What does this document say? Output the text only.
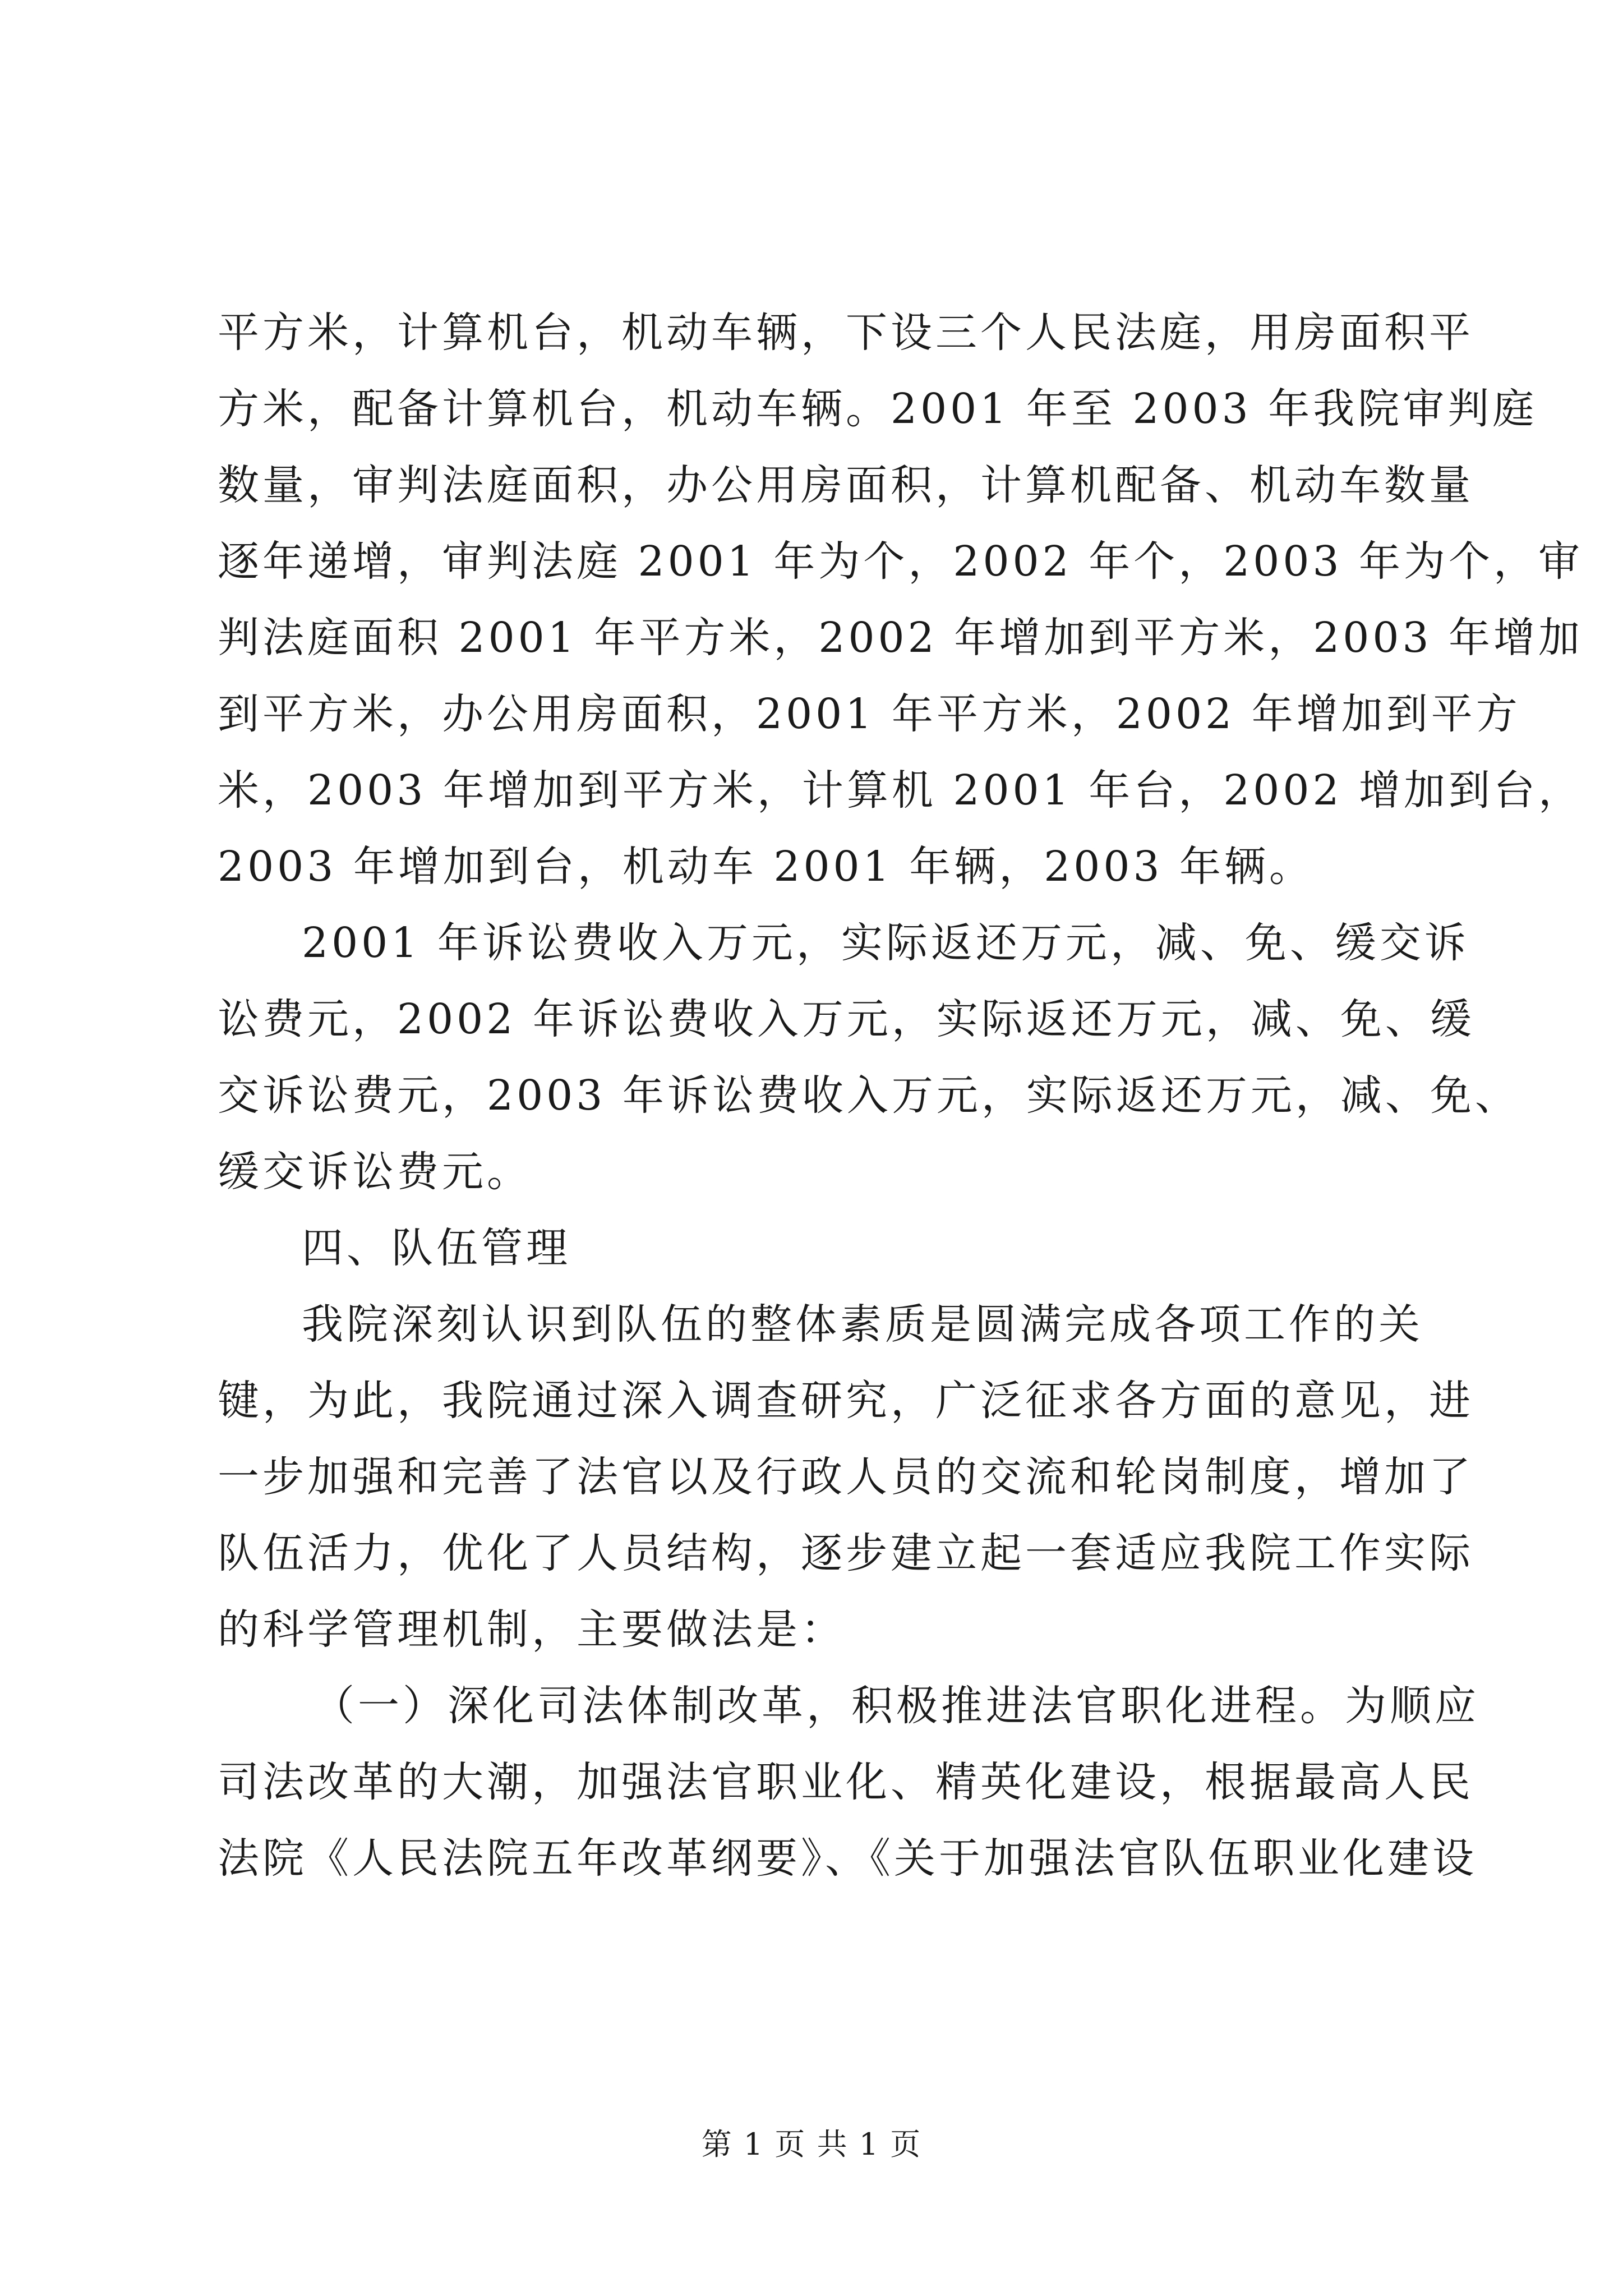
平方米，计算机台，机动车辆，下设三个人民法庭，用房面积平
方米，配备计算机台，机动车辆。2001 年至 2003 年我院审判庭
数量，审判法庭面积，办公用房面积，计算机配备、机动车数量
逐年递增，审判法庭 2001 年为个，2002 年个，2003 年为个，审
判法庭面积 2001 年平方米，2002 年增加到平方米，2003 年增加
到平方米，办公用房面积，2001 年平方米，2002 年增加到平方
米，2003 年增加到平方米，计算机 2001 年台，2002 增加到台，
2003 年增加到台，机动车 2001 年辆，2003 年辆。
2001 年诉讼费收入万元，实际返还万元，减、免、缓交诉
讼费元，2002 年诉讼费收入万元，实际返还万元，减、免、缓
交诉讼费元，2003 年诉讼费收入万元，实际返还万元，减、免、
缓交诉讼费元。
四、队伍管理
我院深刻认识到队伍的整体素质是圆满完成各项工作的关
键，为此，我院通过深入调查研究，广泛征求各方面的意见，进
一步加强和完善了法官以及行政人员的交流和轮岗制度，增加了
队伍活力，优化了人员结构，逐步建立起一套适应我院工作实际
的科学管理机制，主要做法是：
（一）深化司法体制改革，积极推进法官职化进程。为顺应
司法改革的大潮，加强法官职业化、精英化建设，根据最高人民
法院《人民法院五年改革纲要》、《关于加强法官队伍职业化建设
第 1 页 共 1 页
